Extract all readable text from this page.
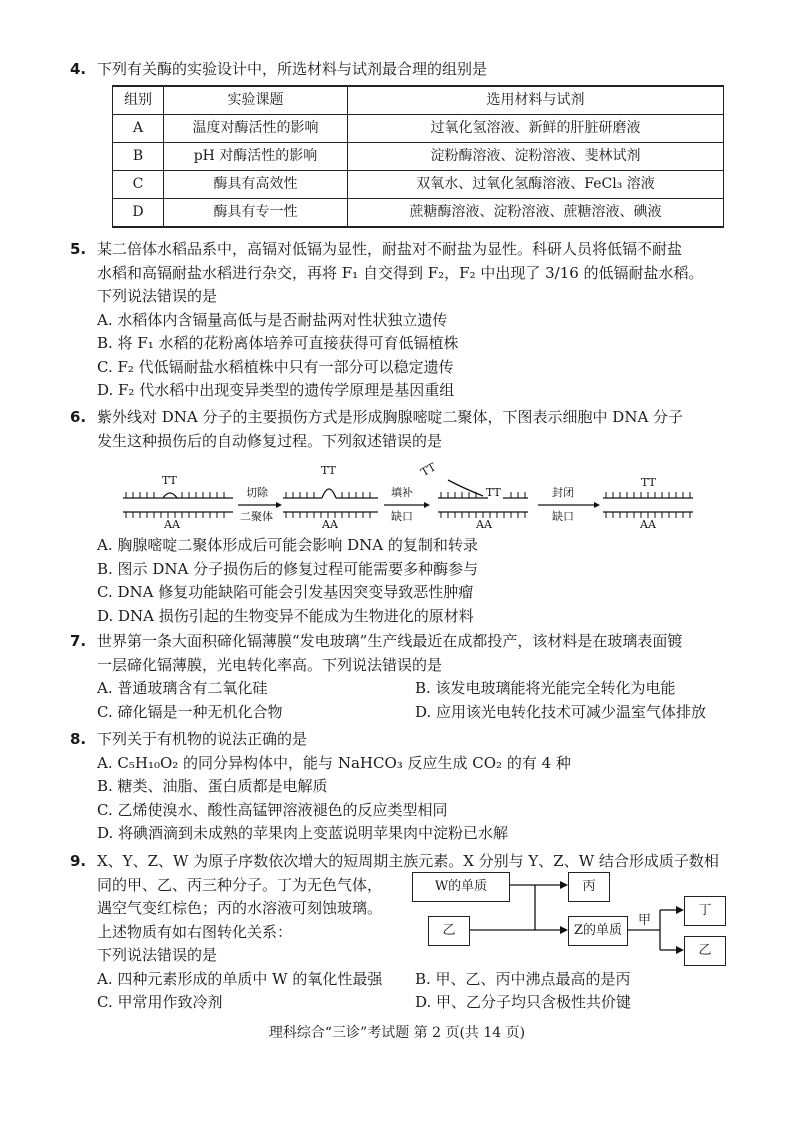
4. 下列有关酶的实验设计中，所选材料与试剂最合理的组别是
组别	实验课题	选用材料与试剂
A	温度对酶活性的影响	过氧化氢溶液、新鲜的肝脏研磨液
B	pH 对酶活性的影响	淀粉酶溶液、淀粉溶液、斐林试剂
C	酶具有高效性	双氧水、过氧化氢酶溶液、FeCl₃ 溶液
D	酶具有专一性	蔗糖酶溶液、淀粉溶液、蔗糖溶液、碘液
5. 某二倍体水稻品系中，高镉对低镉为显性，耐盐对不耐盐为显性。科研人员将低镉不耐盐
水稻和高镉耐盐水稻进行杂交，再将 F₁ 自交得到 F₂，F₂ 中出现了 3/16 的低镉耐盐水稻。
下列说法错误的是
A. 水稻体内含镉量高低与是否耐盐两对性状独立遗传
B. 将 F₁ 水稻的花粉离体培养可直接获得可育低镉植株
C. F₂ 代低镉耐盐水稻植株中只有一部分可以稳定遗传
D. F₂ 代水稻中出现变异类型的遗传学原理是基因重组
6. 紫外线对 DNA 分子的主要损伤方式是形成胸腺嘧啶二聚体，下图表示细胞中 DNA 分子
发生这种损伤后的自动修复过程。下列叙述错误的是
TT
TT	TT
TT
TT
AA	AA	AA	AA
切除
二聚体
填补
缺口
封闭
缺口
A. 胸腺嘧啶二聚体形成后可能会影响 DNA 的复制和转录
B. 图示 DNA 分子损伤后的修复过程可能需要多种酶参与
C. DNA 修复功能缺陷可能会引发基因突变导致恶性肿瘤
D. DNA 损伤引起的生物变异不能成为生物进化的原材料
7. 世界第一条大面积碲化镉薄膜“发电玻璃”生产线最近在成都投产，该材料是在玻璃表面镀
一层碲化镉薄膜，光电转化率高。下列说法错误的是
A. 普通玻璃含有二氧化硅	B. 该发电玻璃能将光能完全转化为电能
C. 碲化镉是一种无机化合物	D. 应用该光电转化技术可减少温室气体排放
8. 下列关于有机物的说法正确的是
A. C₅H₁₀O₂ 的同分异构体中，能与 NaHCO₃ 反应生成 CO₂ 的有 4 种
B. 糖类、油脂、蛋白质都是电解质
C. 乙烯使溴水、酸性高锰钾溶液褪色的反应类型相同
D. 将碘酒滴到未成熟的苹果肉上变蓝说明苹果肉中淀粉已水解
9. X、Y、Z、W 为原子序数依次增大的短周期主族元素。X 分别与 Y、Z、W 结合形成质子数相
同的甲、乙、丙三种分子。丁为无色气体，
遇空气变红棕色；丙的水溶液可刻蚀玻璃。
上述物质有如右图转化关系：
下列说法错误的是
A. 四种元素形成的单质中 W 的氧化性最强	B. 甲、乙、丙中沸点最高的是丙
C. 甲常用作致冷剂	D. 甲、乙分子均只含极性共价键
W的单质	丙
乙	Z的单质
甲
丁
乙
理科综合“三诊”考试题 第 2 页(共 14 页)
